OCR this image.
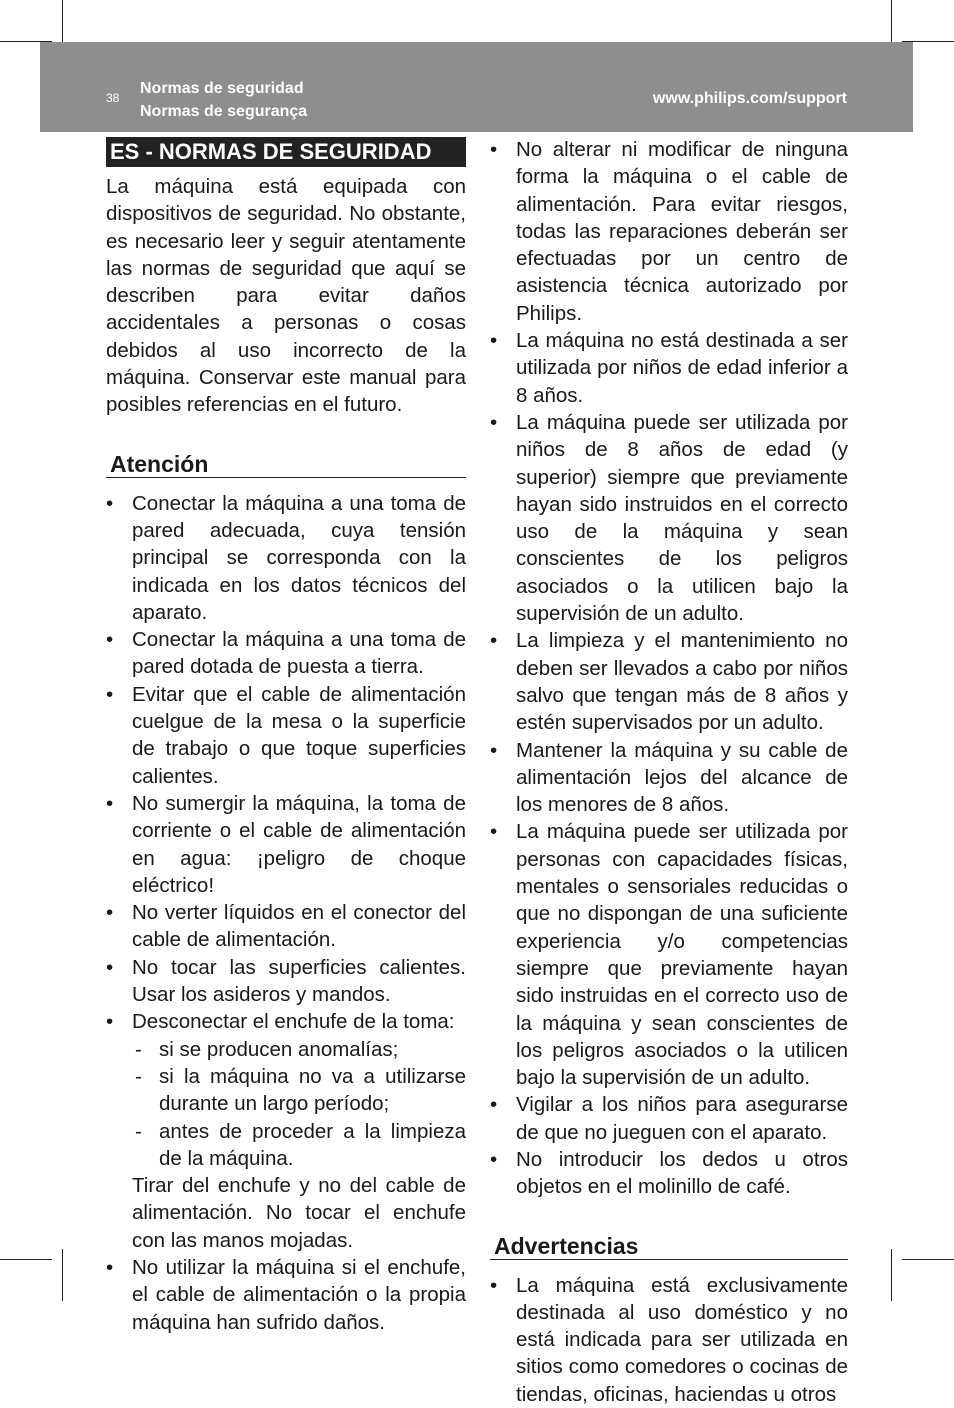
38
Normas de seguridad
Normas de segurança
www.philips.com/support
ES - NORMAS DE SEGURIDAD

La máquina está equipada con dispositivos de seguridad. No obstante, es necesario leer y seguir atentamente las normas de seguridad que aquí se describen para evitar daños accidentales a personas o cosas debidos al uso incorrecto de la máquina. Conservar este manual para posibles referencias en el futuro.

Atención
• Conectar la máquina a una toma de pared adecuada, cuya tensión principal se corresponda con la indicada en los datos técnicos del aparato.
• Conectar la máquina a una toma de pared dotada de puesta a tierra.
• Evitar que el cable de alimentación cuelgue de la mesa o la superficie de trabajo o que toque superficies calientes.
• No sumergir la máquina, la toma de corriente o el cable de alimentación en agua: ¡peligro de choque eléctrico!
• No verter líquidos en el conector del cable de alimentación.
• No tocar las superficies calientes. Usar los asideros y mandos.
• Desconectar el enchufe de la toma:
- si se producen anomalías;
- si la máquina no va a utilizarse durante un largo período;
- antes de proceder a la limpieza de la máquina.
Tirar del enchufe y no del cable de alimentación. No tocar el enchufe con las manos mojadas.
• No utilizar la máquina si el enchufe, el cable de alimentación o la propia máquina han sufrido daños.
• No alterar ni modificar de ninguna forma la máquina o el cable de alimentación. Para evitar riesgos, todas las reparaciones deberán ser efectuadas por un centro de asistencia técnica autorizado por Philips.
• La máquina no está destinada a ser utilizada por niños de edad inferior a 8 años.
• La máquina puede ser utilizada por niños de 8 años de edad (y superior) siempre que previamente hayan sido instruidos en el correcto uso de la máquina y sean conscientes de los peligros asociados o la utilicen bajo la supervisión de un adulto.
• La limpieza y el mantenimiento no deben ser llevados a cabo por niños salvo que tengan más de 8 años y estén supervisados por un adulto.
• Mantener la máquina y su cable de alimentación lejos del alcance de los menores de 8 años.
• La máquina puede ser utilizada por personas con capacidades físicas, mentales o sensoriales reducidas o que no dispongan de una suficiente experiencia y/o competencias siempre que previamente hayan sido instruidas en el correcto uso de la máquina y sean conscientes de los peligros asociados o la utilicen bajo la supervisión de un adulto.
• Vigilar a los niños para asegurarse de que no jueguen con el aparato.
• No introducir los dedos u otros objetos en el molinillo de café.
Advertencias
• La máquina está exclusivamente destinada al uso doméstico y no está indicada para ser utilizada en sitios como comedores o cocinas de tiendas, oficinas, haciendas u otros
